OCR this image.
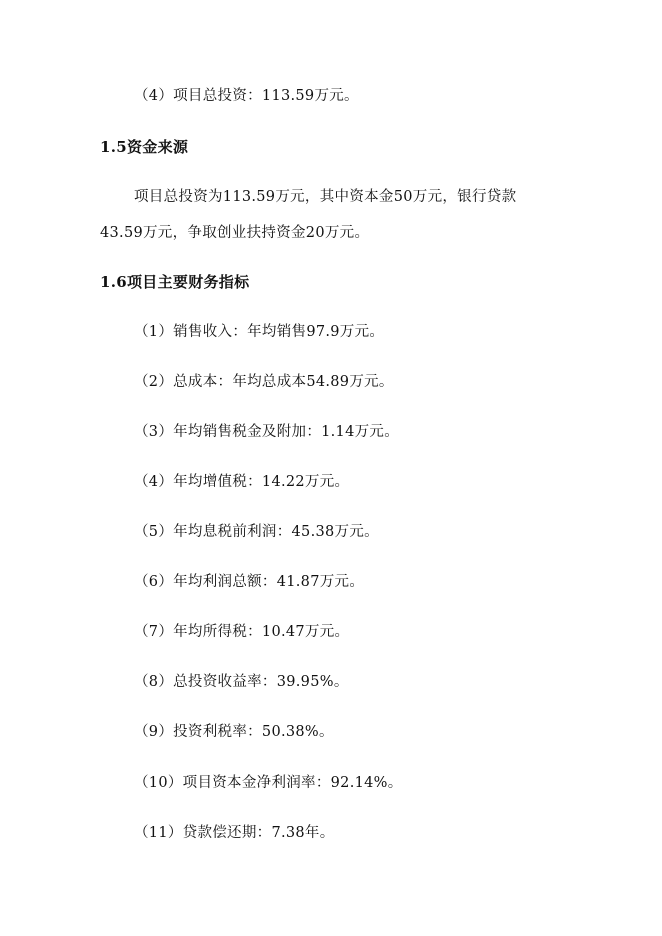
（4）项目总投资：113.59万元。
1.5资金来源
项目总投资为113.59万元，其中资本金50万元，银行贷款
43.59万元，争取创业扶持资金20万元。
1.6项目主要财务指标
（1）销售收入：年均销售97.9万元。
（2）总成本：年均总成本54.89万元。
（3）年均销售税金及附加：1.14万元。
（4）年均增值税：14.22万元。
（5）年均息税前利润：45.38万元。
（6）年均利润总额：41.87万元。
（7）年均所得税：10.47万元。
（8）总投资收益率：39.95%。
（9）投资利税率：50.38%。
（10）项目资本金净利润率：92.14%。
（11）贷款偿还期：7.38年。
